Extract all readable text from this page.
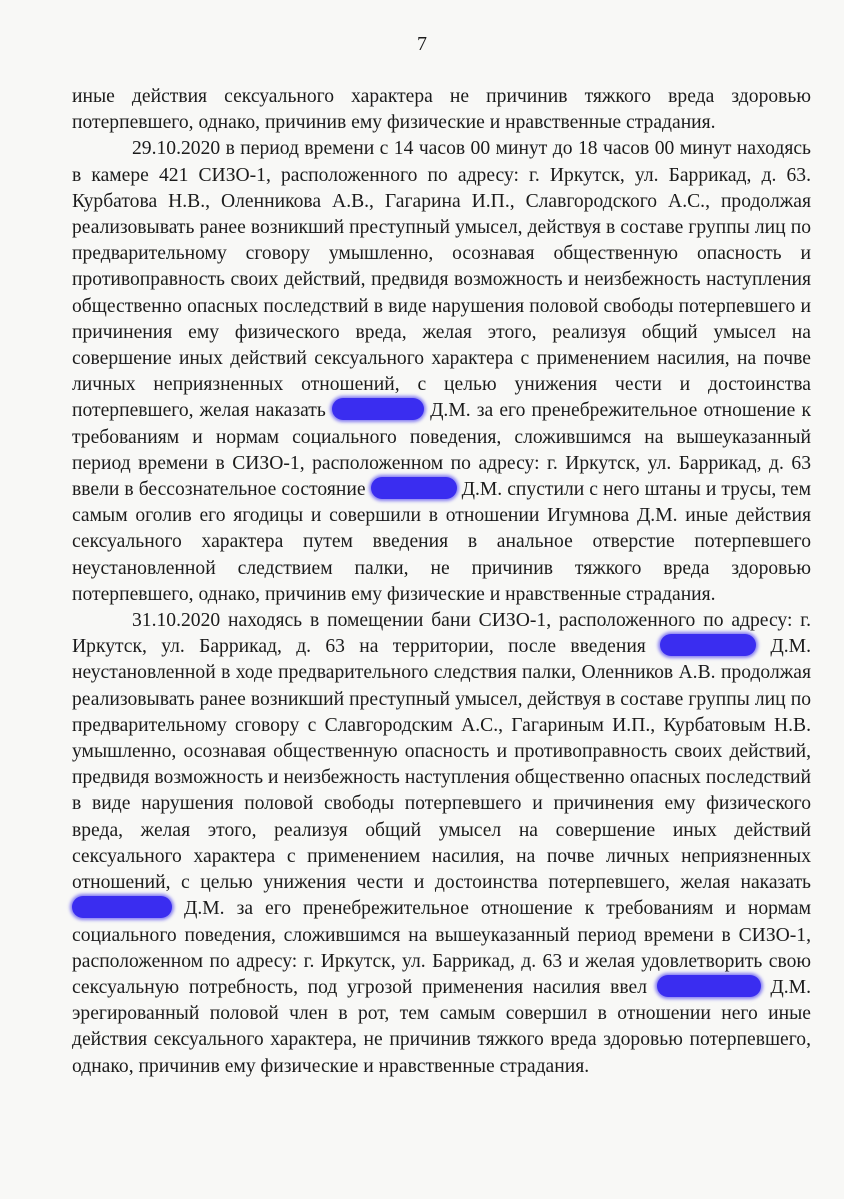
7

иные действия сексуального характера не причинив тяжкого вреда здоровью потерпевшего, однако, причинив ему физические и нравственные страдания.

29.10.2020 в период времени с 14 часов 00 минут до 18 часов 00 минут находясь в камере 421 СИЗО-1, расположенного по адресу: г. Иркутск, ул. Баррикад, д. 63. Курбатова Н.В., Оленникова А.В., Гагарина И.П., Славгородского А.С., продолжая реализовывать ранее возникший преступный умысел, действуя в составе группы лиц по предварительному сговору умышленно, осознавая общественную опасность и противоправность своих действий, предвидя возможность и неизбежность наступления общественно опасных последствий в виде нарушения половой свободы потерпевшего и причинения ему физического вреда, желая этого, реализуя общий умысел на совершение иных действий сексуального характера с применением насилия, на почве личных неприязненных отношений, с целью унижения чести и достоинства потерпевшего, желая наказать	Д.М. за его пренебрежительное отношение к требованиям и нормам социального поведения, сложившимся на вышеуказанный период времени в СИЗО-1, расположенном по адресу: г. Иркутск, ул. Баррикад, д. 63 ввели в бессознательное состояние	Д.М. спустили с него штаны и трусы, тем самым оголив его ягодицы и совершили в отношении Игумнова Д.М. иные действия сексуального характера путем введения в анальное отверстие потерпевшего неустановленной следствием палки, не причинив тяжкого вреда здоровью потерпевшего, однако, причинив ему физические и нравственные страдания.

31.10.2020 находясь в помещении бани СИЗО-1, расположенного по адресу: г. Иркутск, ул. Баррикад, д. 63 на территории, после введения	Д.М. неустановленной в ходе предварительного следствия палки, Оленников А.В. продолжая реализовывать ранее возникший преступный умысел, действуя в составе группы лиц по предварительному сговору с Славгородским А.С., Гагариным И.П., Курбатовым Н.В. умышленно, осознавая общественную опасность и противоправность своих действий, предвидя возможность и неизбежность наступления общественно опасных последствий в виде нарушения половой свободы потерпевшего и причинения ему физического вреда, желая этого, реализуя общий умысел на совершение иных действий сексуального характера с применением насилия, на почве личных неприязненных отношений, с целью унижения чести и достоинства потерпевшего, желая наказать  Д.М. за его пренебрежительное отношение к требованиям и нормам социального поведения, сложившимся на вышеуказанный период времени в СИЗО-1, расположенном по адресу: г. Иркутск, ул. Баррикад, д. 63 и желая удовлетворить свою сексуальную потребность, под угрозой применения насилия ввел	Д.М. эрегированный половой член в рот, тем самым совершил в отношении него иные действия сексуального характера, не причинив тяжкого вреда здоровью потерпевшего, однако, причинив ему физические и нравственные страдания.
